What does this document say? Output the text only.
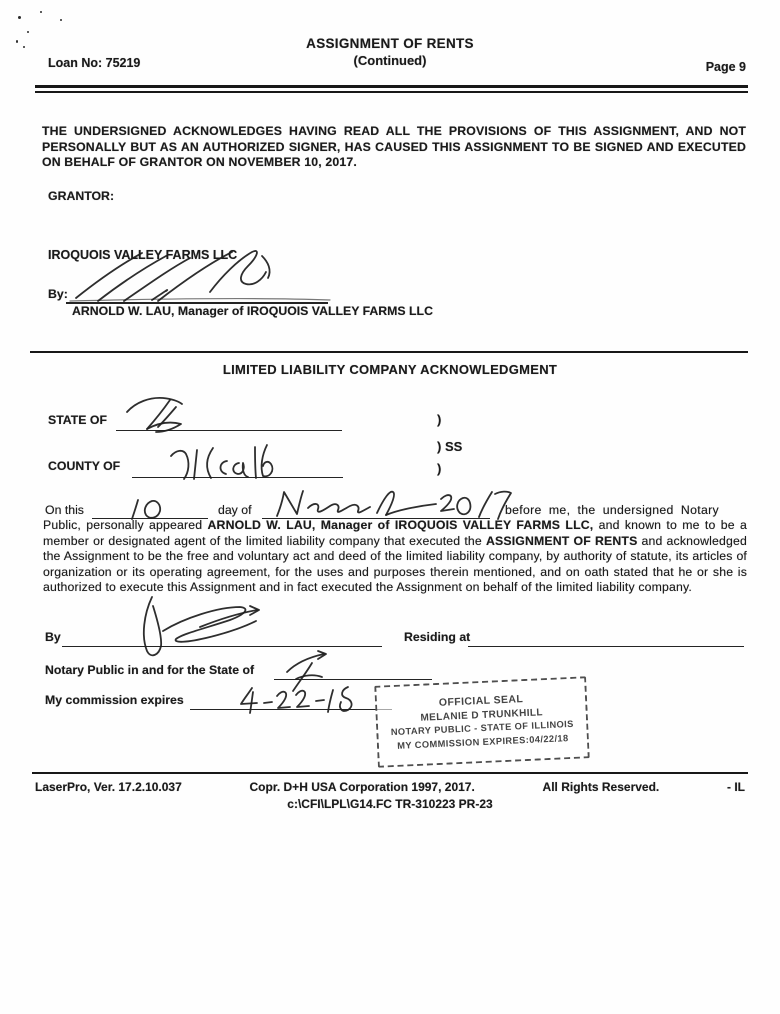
Loan No: 75219
ASSIGNMENT OF RENTS
(Continued)	Page 9
THE UNDERSIGNED ACKNOWLEDGES HAVING READ ALL THE PROVISIONS OF THIS ASSIGNMENT, AND NOT PERSONALLY BUT AS AN AUTHORIZED SIGNER, HAS CAUSED THIS ASSIGNMENT TO BE SIGNED AND EXECUTED ON BEHALF OF GRANTOR ON NOVEMBER 10, 2017.
GRANTOR:
IROQUOIS VALLEY FARMS LLC
By:
ARNOLD W. LAU, Manager of IROQUOIS VALLEY FARMS LLC
LIMITED LIABILITY COMPANY ACKNOWLEDGMENT
STATE OF	)
) SS
COUNTY OF	)
On this	day of	before me, the undersigned Notary

Public, personally appeared ARNOLD W. LAU, Manager of IROQUOIS VALLEY FARMS LLC, and known to me to be a member or designated agent of the limited liability company that executed the ASSIGNMENT OF RENTS and acknowledged the Assignment to be the free and voluntary act and deed of the limited liability company, by authority of statute, its articles of organization or its operating agreement, for the uses and purposes therein mentioned, and on oath stated that he or she is authorized to execute this Assignment and in fact executed the Assignment on behalf of the limited liability company.

By	Residing at
Notary Public in and for the State of
My commission expires	OFFICIAL SEAL
MELANIE D TRUNKHILL
NOTARY PUBLIC - STATE OF ILLINOIS
MY COMMISSION EXPIRES:04/22/18
LaserPro, Ver. 17.2.10.037	Copr. D+H USA Corporation 1997, 2017.	All Rights Reserved.	- IL
c:\CFI\LPL\G14.FC TR-310223 PR-23
